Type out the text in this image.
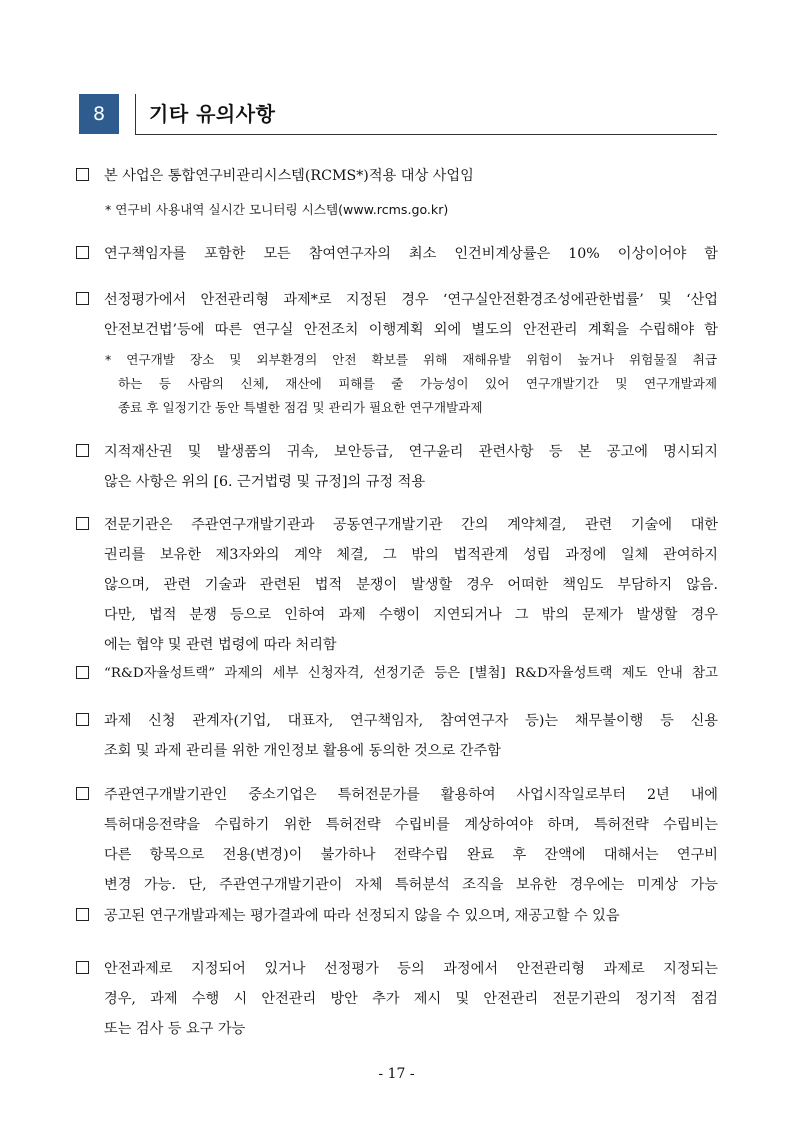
8	기타 유의사항
본 사업은 통합연구비관리시스템(RCMS*)적용 대상 사업임
* 연구비 사용내역 실시간 모니터링 시스템(www.rcms.go.kr)
연구책임자를 포함한 모든 참여연구자의 최소 인건비계상률은 10% 이상이어야 함
선정평가에서 안전관리형 과제*로 지정된 경우 ‘연구실안전환경조성에관한법률’ 및 ‘산업
안전보건법’등에 따른 연구실 안전조치 이행계획 외에 별도의 안전관리 계획을 수립해야 함
* 연구개발 장소 및 외부환경의 안전 확보를 위해 재해유발 위험이 높거나 위험물질 취급
하는 등 사람의 신체, 재산에 피해를 줄 가능성이 있어 연구개발기간 및 연구개발과제
종료 후 일정기간 동안 특별한 점검 및 관리가 필요한 연구개발과제
지적재산권 및 발생품의 귀속, 보안등급, 연구윤리 관련사항 등 본 공고에 명시되지
않은 사항은 위의 [6. 근거법령 및 규정]의 규정 적용
전문기관은 주관연구개발기관과 공동연구개발기관 간의 계약체결, 관련 기술에 대한
권리를 보유한 제3자와의 계약 체결, 그 밖의 법적관계 성립 과정에 일체 관여하지
않으며, 관련 기술과 관련된 법적 분쟁이 발생할 경우 어떠한 책임도 부담하지 않음.
다만, 법적 분쟁 등으로 인하여 과제 수행이 지연되거나 그 밖의 문제가 발생할 경우
에는 협약 및 관련 법령에 따라 처리함
“R&D자율성트랙” 과제의 세부 신청자격, 선정기준 등은 [별첨] R&D자율성트랙 제도 안내 참고
과제 신청 관계자(기업, 대표자, 연구책임자, 참여연구자 등)는 채무불이행 등 신용
조회 및 과제 관리를 위한 개인정보 활용에 동의한 것으로 간주함
주관연구개발기관인 중소기업은 특허전문가를 활용하여 사업시작일로부터 2년 내에
특허대응전략을 수립하기 위한 특허전략 수립비를 계상하여야 하며, 특허전략 수립비는
다른 항목으로 전용(변경)이 불가하나 전략수립 완료 후 잔액에 대해서는 연구비
변경 가능. 단, 주관연구개발기관이 자체 특허분석 조직을 보유한 경우에는 미계상 가능
공고된 연구개발과제는 평가결과에 따라 선정되지 않을 수 있으며, 재공고할 수 있음
안전과제로 지정되어 있거나 선정평가 등의 과정에서 안전관리형 과제로 지정되는
경우, 과제 수행 시 안전관리 방안 추가 제시 및 안전관리 전문기관의 정기적 점검
또는 검사 등 요구 가능
- 17 -
